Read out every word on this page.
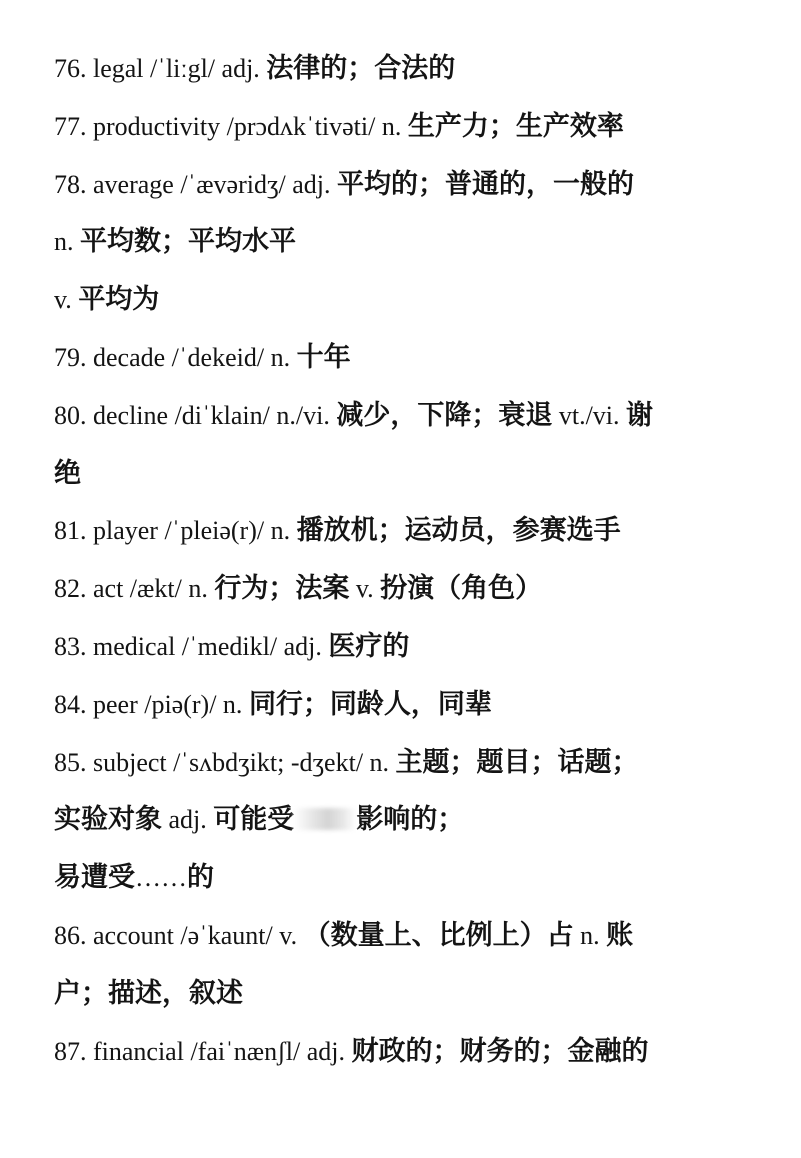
76. legal /ˈliːgl/ adj. 法律的；合法的
77. productivity /prɔdʌkˈtivəti/ n. 生产力；生产效率
78. average /ˈævəridʒ/ adj. 平均的；普通的，一般的
n. 平均数；平均水平
v. 平均为
79. decade /ˈdekeid/ n. 十年
80. decline /diˈklain/ n./vi. 减少，下降；衰退 vt./vi. 谢
绝
81. player /ˈpleiə(r)/ n. 播放机；运动员，参赛选手
82. act /ækt/ n. 行为；法案 v. 扮演（角色）
83. medical /ˈmedikl/ adj. 医疗的
84. peer /piə(r)/ n. 同行；同龄人，同辈
85. subject /ˈsʌbdʒikt; -dʒekt/ n. 主题；题目；话题；
实验对象 adj. 可能受 影响的；
易遭受……的
86. account /əˈkaunt/ v. （数量上、比例上）占 n. 账
户；描述，叙述
87. financial /faiˈnænʃl/ adj. 财政的；财务的；金融的
